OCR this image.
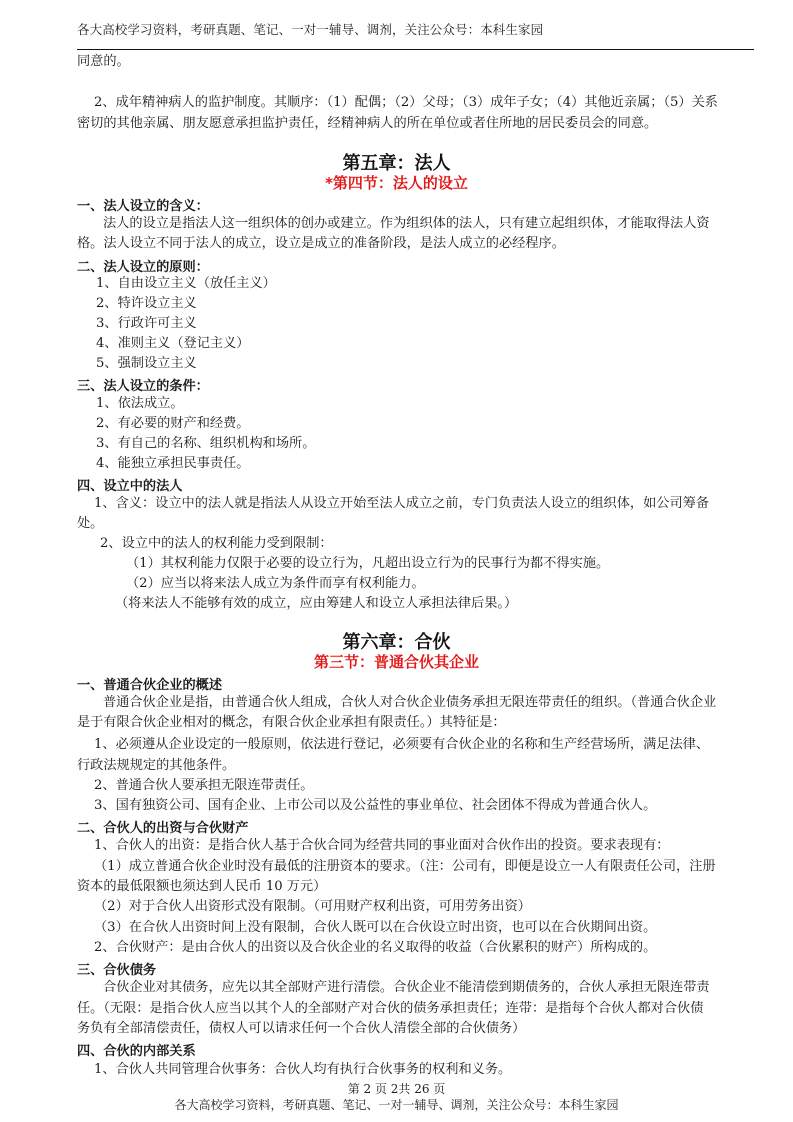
各大高校学习资料，考研真题、笔记、一对一辅导、调剂，关注公众号：本科生家园
同意的。
2、成年精神病人的监护制度。其顺序：（1）配偶；（2）父母；（3）成年子女；（4）其他近亲属；（5）关系
密切的其他亲属、朋友愿意承担监护责任，经精神病人的所在单位或者住所地的居民委员会的同意。
第五章：法人
*第四节：法人的设立
一、法人设立的含义：
法人的设立是指法人这一组织体的创办或建立。作为组织体的法人，只有建立起组织体，才能取得法人资
格。法人设立不同于法人的成立，设立是成立的准备阶段，是法人成立的必经程序。
二、法人设立的原则：
1、自由设立主义（放任主义）
2、特许设立主义
3、行政许可主义
4、准则主义（登记主义）
5、强制设立主义
三、法人设立的条件：
1、依法成立。
2、有必要的财产和经费。
3、有自己的名称、组织机构和场所。
4、能独立承担民事责任。
四、设立中的法人
1、含义：设立中的法人就是指法人从设立开始至法人成立之前，专门负责法人设立的组织体，如公司筹备
处。
2、设立中的法人的权利能力受到限制：
（1）其权利能力仅限于必要的设立行为，凡超出设立行为的民事行为都不得实施。
（2）应当以将来法人成立为条件而享有权利能力。
（将来法人不能够有效的成立，应由筹建人和设立人承担法律后果。）
第六章：合伙
第三节：普通合伙其企业
一、普通合伙企业的概述
普通合伙企业是指，由普通合伙人组成，合伙人对合伙企业债务承担无限连带责任的组织。（普通合伙企业
是于有限合伙企业相对的概念，有限合伙企业承担有限责任。）其特征是：
1、必须遵从企业设定的一般原则，依法进行登记，必须要有合伙企业的名称和生产经营场所，满足法律、
行政法规规定的其他条件。
2、普通合伙人要承担无限连带责任。
3、国有独资公司、国有企业、上市公司以及公益性的事业单位、社会团体不得成为普通合伙人。
二、合伙人的出资与合伙财产
1、合伙人的出资：是指合伙人基于合伙合同为经营共同的事业面对合伙作出的投资。要求表现有：
（1）成立普通合伙企业时没有最低的注册资本的要求。（注：公司有，即便是设立一人有限责任公司，注册
资本的最低限额也须达到人民币 10 万元）
（2）对于合伙人出资形式没有限制。（可用财产权利出资，可用劳务出资）
（3）在合伙人出资时间上没有限制，合伙人既可以在合伙设立时出资，也可以在合伙期间出资。
2、合伙财产：是由合伙人的出资以及合伙企业的名义取得的收益（合伙累积的财产）所构成的。
三、合伙债务
合伙企业对其债务，应先以其全部财产进行清偿。合伙企业不能清偿到期债务的，合伙人承担无限连带责
任。（无限：是指合伙人应当以其个人的全部财产对合伙的债务承担责任；连带：是指每个合伙人都对合伙债
务负有全部清偿责任，债权人可以请求任何一个合伙人清偿全部的合伙债务）
四、合伙的内部关系
1、合伙人共同管理合伙事务：合伙人均有执行合伙事务的权利和义务。
第 2 页 2共 26 页
各大高校学习资料，考研真题、笔记、一对一辅导、调剂，关注公众号：本科生家园
